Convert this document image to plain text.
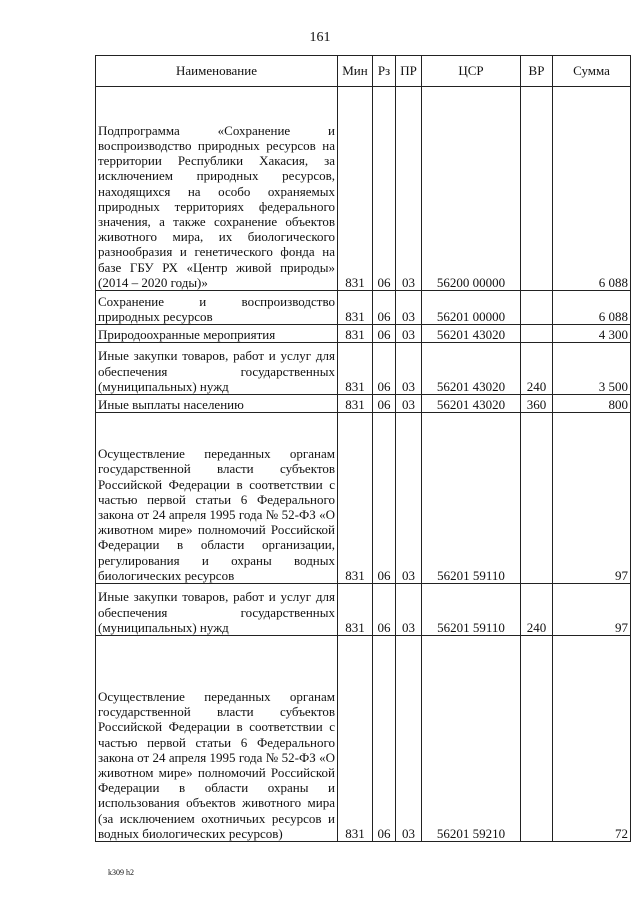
161
Наименование	Мин	Рз	ПР	ЦСР	ВР	Сумма
Подпрограмма «Сохранение и воспроизводство природных ресурсов на территории Республики Хакасия, за исключением природных ресурсов, находящихся на особо охраняемых природных территориях федерального значения, а также сохранение объектов животного мира, их биологического разнообразия и генетического фонда на базе ГБУ РХ «Центр живой природы» (2014 – 2020 годы)»	831	06	03	56200 00000		6 088
Сохранение и воспроизводство природных ресурсов	831	06	03	56201 00000		6 088
Природоохранные мероприятия	831	06	03	56201 43020		4 300
Иные закупки товаров, работ и услуг для обеспечения государственных (муниципальных) нужд	831	06	03	56201 43020	240	3 500
Иные выплаты населению	831	06	03	56201 43020	360	800
Осуществление переданных органам государственной власти субъектов Российской Федерации в соответствии с частью первой статьи 6 Федерального закона от 24 апреля 1995 года № 52-ФЗ «О животном мире» полномочий Российской Федерации в области организации, регулирования и охраны водных биологических ресурсов	831	06	03	56201 59110		97
Иные закупки товаров, работ и услуг для обеспечения государственных (муниципальных) нужд	831	06	03	56201 59110	240	97
Осуществление переданных органам государственной власти субъектов Российской Федерации в соответствии с частью первой статьи 6 Федерального закона от 24 апреля 1995 года № 52-ФЗ «О животном мире» полномочий Российской Федерации в области охраны и использования объектов животного мира (за исключением охотничьих ресурсов и водных биологических ресурсов)	831	06	03	56201 59210		72
k309 h2
